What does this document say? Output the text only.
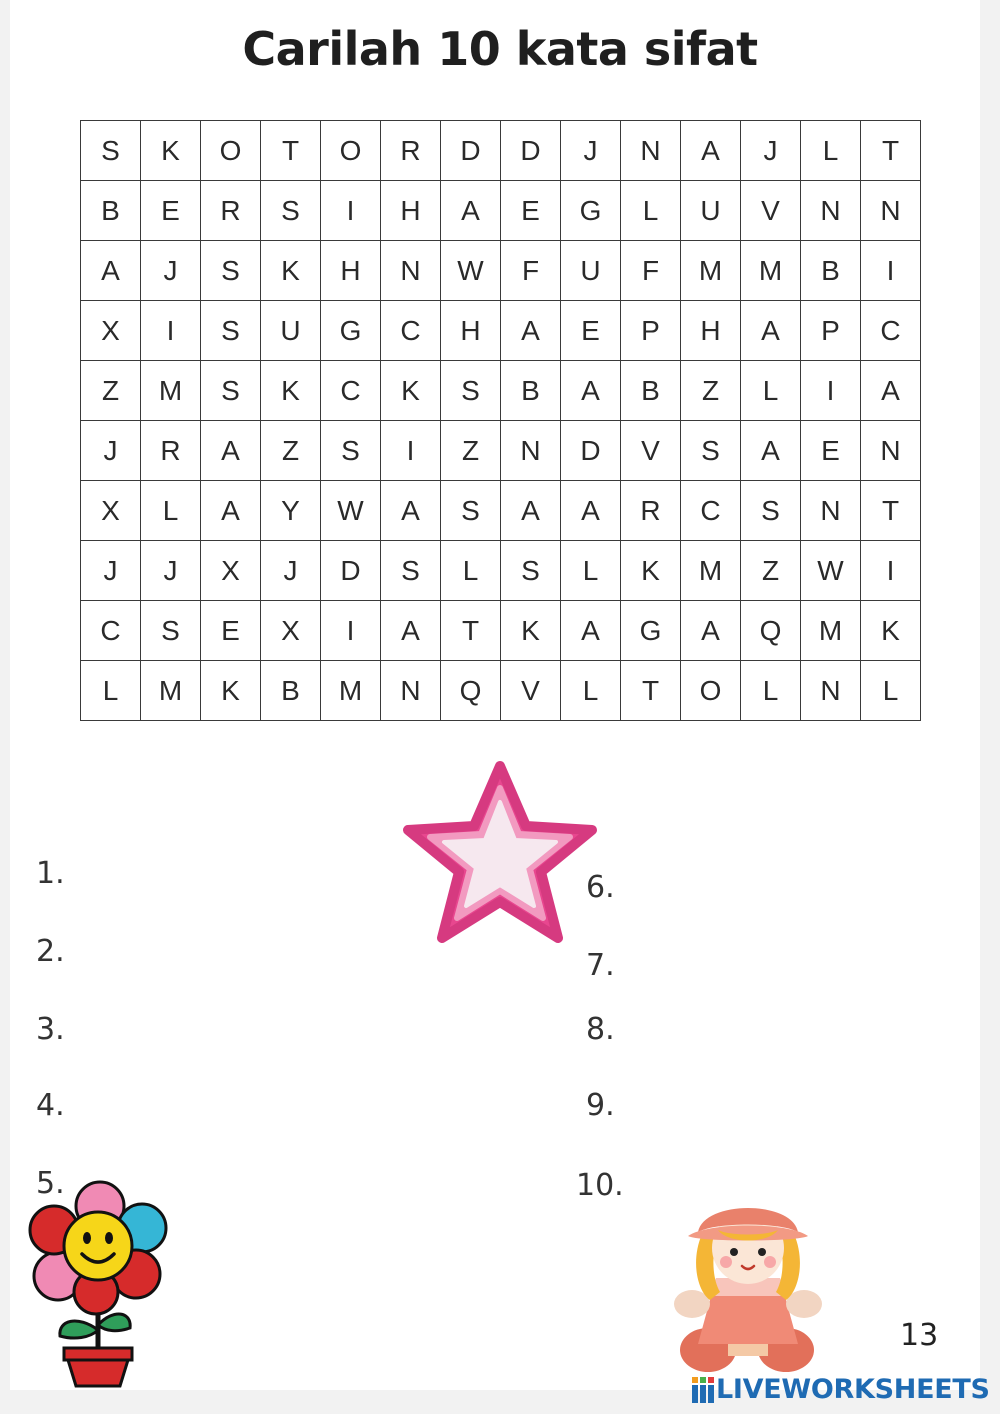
Carilah 10 kata sifat
S	K	O	T	O	R	D	D	J	N	A	J	L	T
B	E	R	S	I	H	A	E	G	L	U	V	N	N
A	J	S	K	H	N	W	F	U	F	M	M	B	I
X	I	S	U	G	C	H	A	E	P	H	A	P	C
Z	M	S	K	C	K	S	B	A	B	Z	L	I	A
J	R	A	Z	S	I	Z	N	D	V	S	A	E	N
X	L	A	Y	W	A	S	A	A	R	C	S	N	T
J	J	X	J	D	S	L	S	L	K	M	Z	W	I
C	S	E	X	I	A	T	K	A	G	A	Q	M	K
L	M	K	B	M	N	Q	V	L	T	O	L	N	L
1.
2.
3.
4.
5.
6.
7.
8.
9.
10.
13
LIVEWORKSHEETS
